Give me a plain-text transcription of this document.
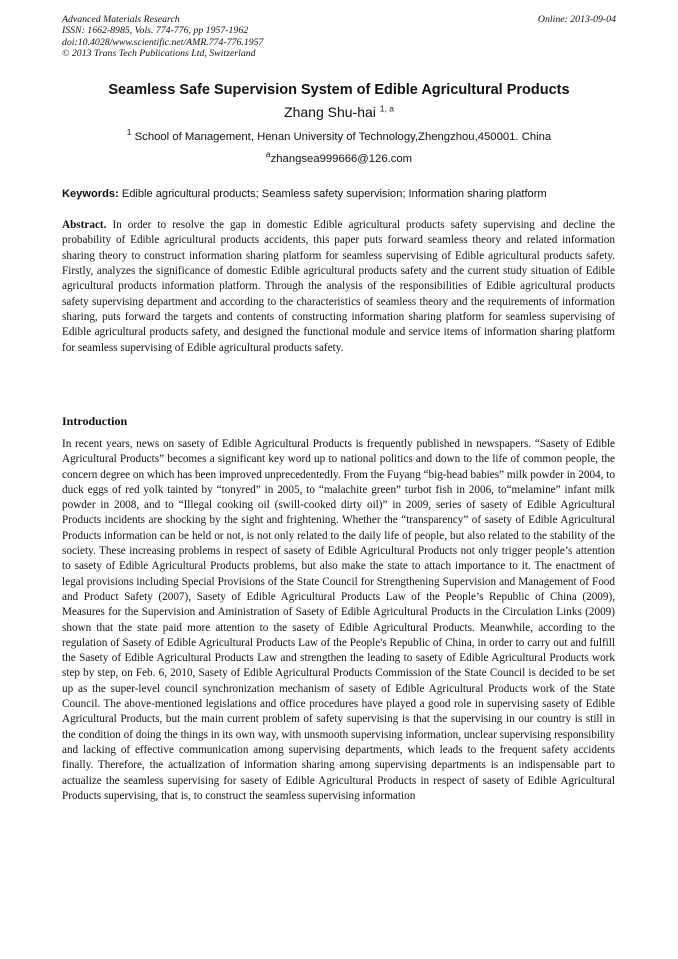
Advanced Materials Research
ISSN: 1662-8985, Vols. 774-776, pp 1957-1962
doi:10.4028/www.scientific.net/AMR.774-776.1957
© 2013 Trans Tech Publications Ltd, Switzerland
Online: 2013-09-04
Seamless Safe Supervision System of Edible Agricultural Products
Zhang Shu-hai $^{1, a}$
$^1$ School of Management, Henan University of Technology,Zhengzhou,450001. China
$^a$zhangsea999666@126.com
Keywords: Edible agricultural products; Seamless safety supervision; Information sharing platform
Abstract. In order to resolve the gap in domestic Edible agricultural products safety supervising and decline the probability of Edible agricultural products accidents, this paper puts forward seamless theory and related information sharing theory to construct information sharing platform for seamless supervising of Edible agricultural products safety. Firstly, analyzes the significance of domestic Edible agricultural products safety and the current study situation of Edible agricultural products information platform. Through the analysis of the responsibilities of Edible agricultural products safety supervising department and according to the characteristics of seamless theory and the requirements of information sharing, puts forward the targets and contents of constructing information sharing platform for seamless supervising of Edible agricultural products safety, and designed the functional module and service items of information sharing platform for seamless supervising of Edible agricultural products safety.
Introduction
In recent years, news on sasety of Edible Agricultural Products is frequently published in newspapers. “Sasety of Edible Agricultural Products” becomes a significant key word up to national politics and down to the life of common people, the concern degree on which has been improved unprecedentedly. From the Fuyang “big-head babies” milk powder in 2004, to duck eggs of red yolk tainted by “tonyred” in 2005, to “malachite green” turbot fish in 2006, to“melamine” infant milk powder in 2008, and to “Illegal cooking oil (swill-cooked dirty oil)” in 2009, series of sasety of Edible Agricultural Products incidents are shocking by the sight and frightening. Whether the “transparency” of sasety of Edible Agricultural Products information can be held or not, is not only related to the daily life of people, but also related to the stability of the society. These increasing problems in respect of sasety of Edible Agricultural Products not only trigger people’s attention to sasety of Edible Agricultural Products problems, but also make the state to attach importance to it. The enactment of legal provisions including Special Provisions of the State Council for Strengthening Supervision and Management of Food and Product Safety (2007), Sasety of Edible Agricultural Products Law of the People’s Republic of China (2009), Measures for the Supervision and Aministration of Sasety of Edible Agricultural Products in the Circulation Links (2009) shown that the state paid more attention to the sasety of Edible Agricultural Products. Meanwhile, according to the regulation of Sasety of Edible Agricultural Products Law of the People's Republic of China, in order to carry out and fulfill the Sasety of Edible Agricultural Products Law and strengthen the leading to sasety of Edible Agricultural Products work step by step, on Feb. 6, 2010, Sasety of Edible Agricultural Products Commission of the State Council is decided to be set up as the super-level council synchronization mechanism of sasety of Edible Agricultural Products work of the State Council. The above-mentioned legislations and office procedures have played a good role in supervising sasety of Edible Agricultural Products, but the main current problem of safety supervising is that the supervising in our country is still in the condition of doing the things in its own way, with unsmooth supervising information, unclear supervising responsibility and lacking of effective communication among supervising departments, which leads to the frequent safety accidents finally. Therefore, the actualization of information sharing among supervising departments is an indispensable part to actualize the seamless supervising for sasety of Edible Agricultural Products in respect of sasety of Edible Agricultural Products supervising, that is, to construct the seamless supervising information
